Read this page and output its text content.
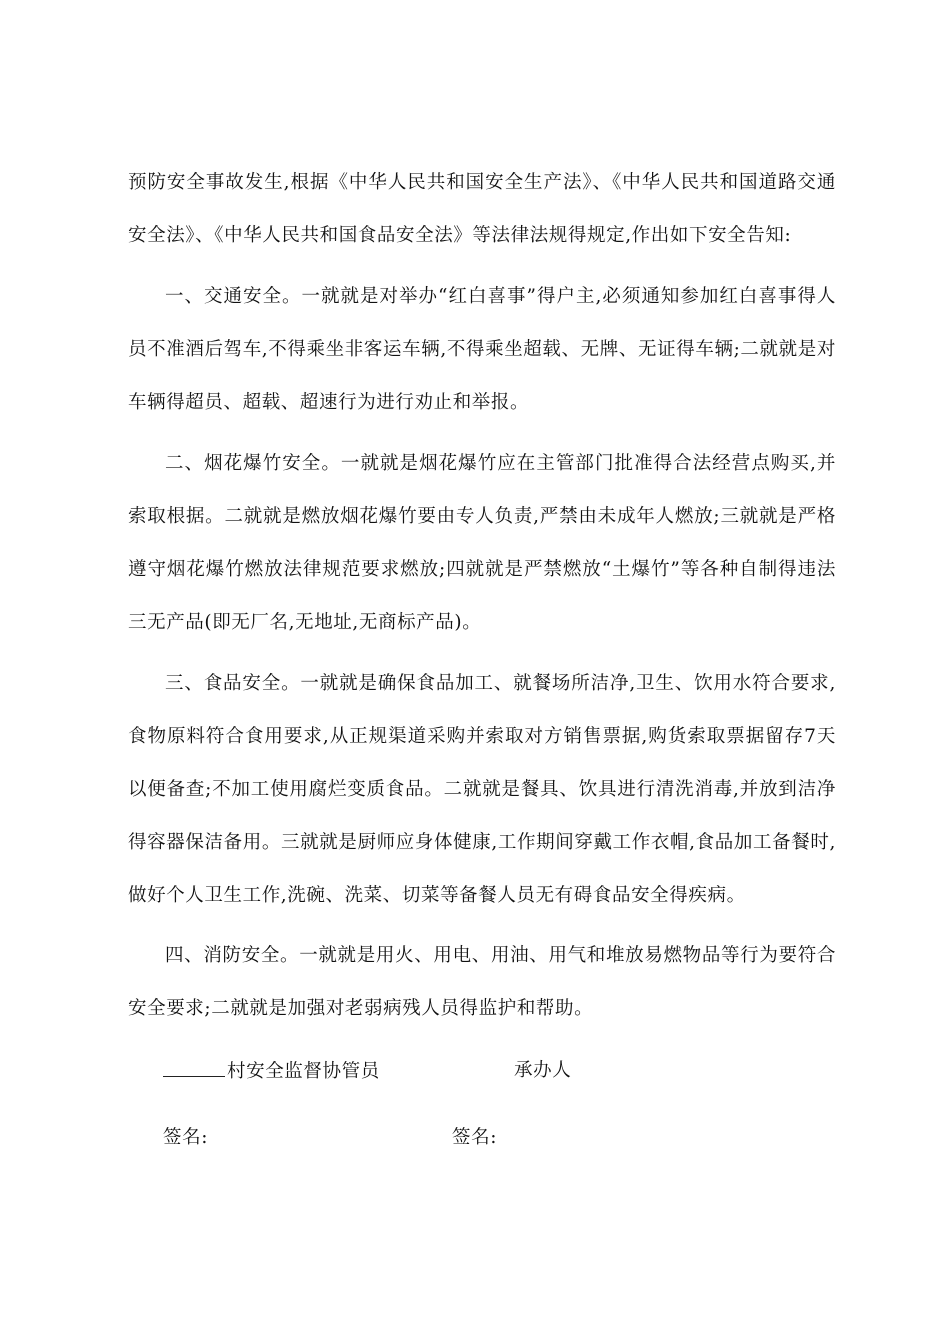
预防安全事故发生,根据《中华人民共和国安全生产法》、《中华人民共和国道路交通安全法》、《中华人民共和国食品安全法》等法律法规得规定,作出如下安全告知:

一、交通安全。一就就是对举办“红白喜事”得户主,必须通知参加红白喜事得人员不准酒后驾车,不得乘坐非客运车辆,不得乘坐超载、无牌、无证得车辆;二就就是对车辆得超员、超载、超速行为进行劝止和举报。

二、烟花爆竹安全。一就就是烟花爆竹应在主管部门批准得合法经营点购买,并索取根据。二就就是燃放烟花爆竹要由专人负责,严禁由未成年人燃放;三就就是严格遵守烟花爆竹燃放法律规范要求燃放;四就就是严禁燃放“土爆竹”等各种自制得违法三无产品(即无厂名,无地址,无商标产品)。

三、食品安全。一就就是确保食品加工、就餐场所洁净,卫生、饮用水符合要求,食物原料符合食用要求,从正规渠道采购并索取对方销售票据,购货索取票据留存7天以便备查;不加工使用腐烂变质食品。二就就是餐具、饮具进行清洗消毒,并放到洁净得容器保洁备用。三就就是厨师应身体健康,工作期间穿戴工作衣帽,食品加工备餐时,做好个人卫生工作,洗碗、洗菜、切菜等备餐人员无有碍食品安全得疾病。

四、消防安全。一就就是用火、用电、用油、用气和堆放易燃物品等行为要符合安全要求;二就就是加强对老弱病残人员得监护和帮助。

村安全监督协管员	承办人
签名:	签名:
